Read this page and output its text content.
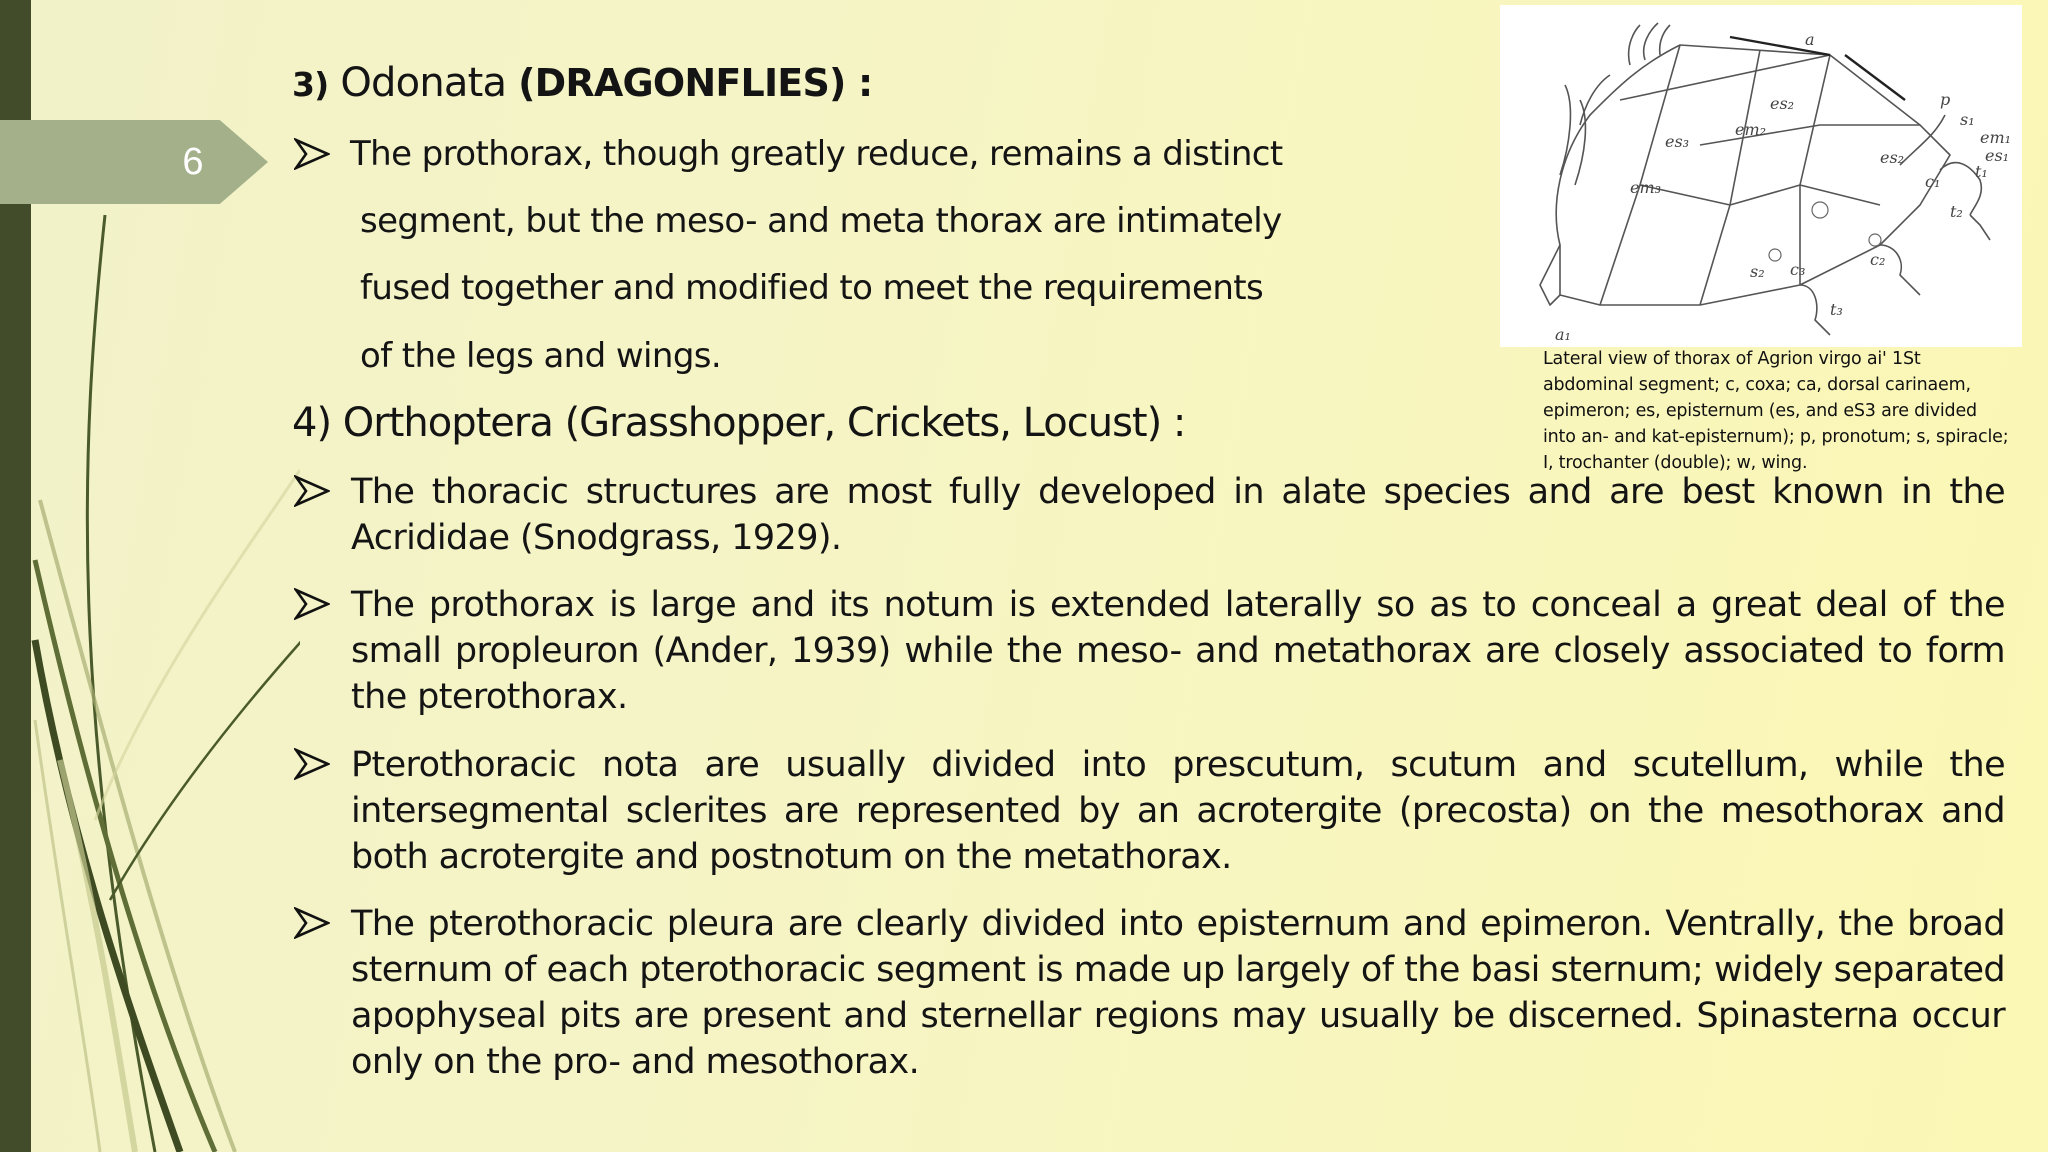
6
3) Odonata (DRAGONFLIES) :
The prothorax, though greatly reduce, remains a distinct
segment, but the meso- and meta thorax are intimately
fused together and modified to meet the requirements
of the legs and wings.
4) Orthoptera (Grasshopper, Crickets, Locust) :
The thoracic structures are most fully developed in alate species and are best known in the Acrididae (Snodgrass, 1929).
The prothorax is large and its notum is extended laterally so as to conceal a great deal of the small propleuron (Ander, 1939) while the meso- and metathorax are closely associated to form the pterothorax.
Pterothoracic nota are usually divided into prescutum, scutum and scutellum, while the intersegmental sclerites are represented by an acrotergite (precosta) on the mesothorax and both acrotergite and postnotum on the metathorax.
The pterothoracic pleura are clearly divided into episternum and epimeron. Ventrally, the broad sternum of each pterothoracic segment is made up largely of the basi sternum; widely separated apophyseal pits are present and sternellar regions may usually be discerned. Spinasterna occur only on the pro- and mesothorax.
a
p
s₁
em₁
es₁
t₁
es₂
em₂
es₃
em₃
es₂
c₁
t₂
c₂
s₂ c₃
t₃
a₁
Lateral view of thorax of Agrion virgo ai' 1St abdominal segment; c, coxa; ca, dorsal carinaem, epimeron; es, episternum (es, and eS3 are divided into an- and kat-episternum); p, pronotum; s, spiracle; I, trochanter (double); w, wing.
